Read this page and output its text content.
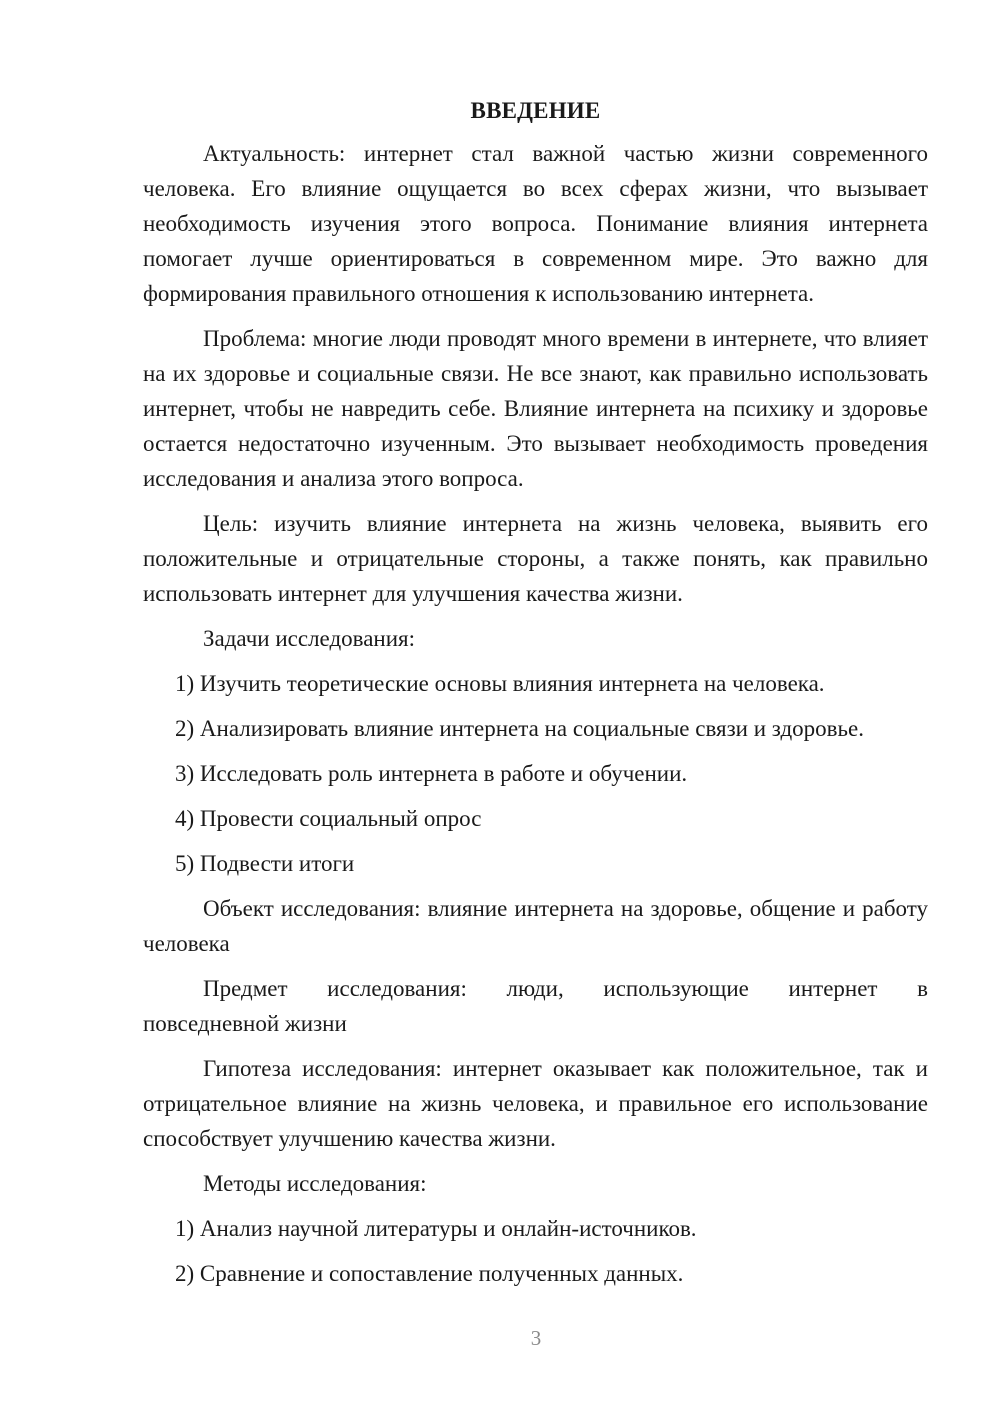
ВВЕДЕНИЕ

Актуальность: интернет стал важной частью жизни современного человека. Его влияние ощущается во всех сферах жизни, что вызывает необходимость изучения этого вопроса. Понимание влияния интернета помогает лучше ориентироваться в современном мире. Это важно для формирования правильного отношения к использованию интернета.

Проблема: многие люди проводят много времени в интернете, что влияет на их здоровье и социальные связи. Не все знают, как правильно использовать интернет, чтобы не навредить себе. Влияние интернета на психику и здоровье остается недостаточно изученным. Это вызывает необходимость проведения исследования и анализа этого вопроса.

Цель: изучить влияние интернета на жизнь человека, выявить его положительные и отрицательные стороны, а также понять, как правильно использовать интернет для улучшения качества жизни.

Задачи исследования:
1) Изучить теоретические основы влияния интернета на человека.
2) Анализировать влияние интернета на социальные связи и здоровье.
3) Исследовать роль интернета в работе и обучении.
4) Провести социальный опрос
5) Подвести итоги

Объект исследования: влияние интернета на здоровье, общение и работу человека

Предмет исследования: люди, использующие интернет в
повседневной жизни

Гипотеза исследования: интернет оказывает как положительное, так и отрицательное влияние на жизнь человека, и правильное его использование способствует улучшению качества жизни.

Методы исследования:
1) Анализ научной литературы и онлайн-источников.
2) Сравнение и сопоставление полученных данных.
3
